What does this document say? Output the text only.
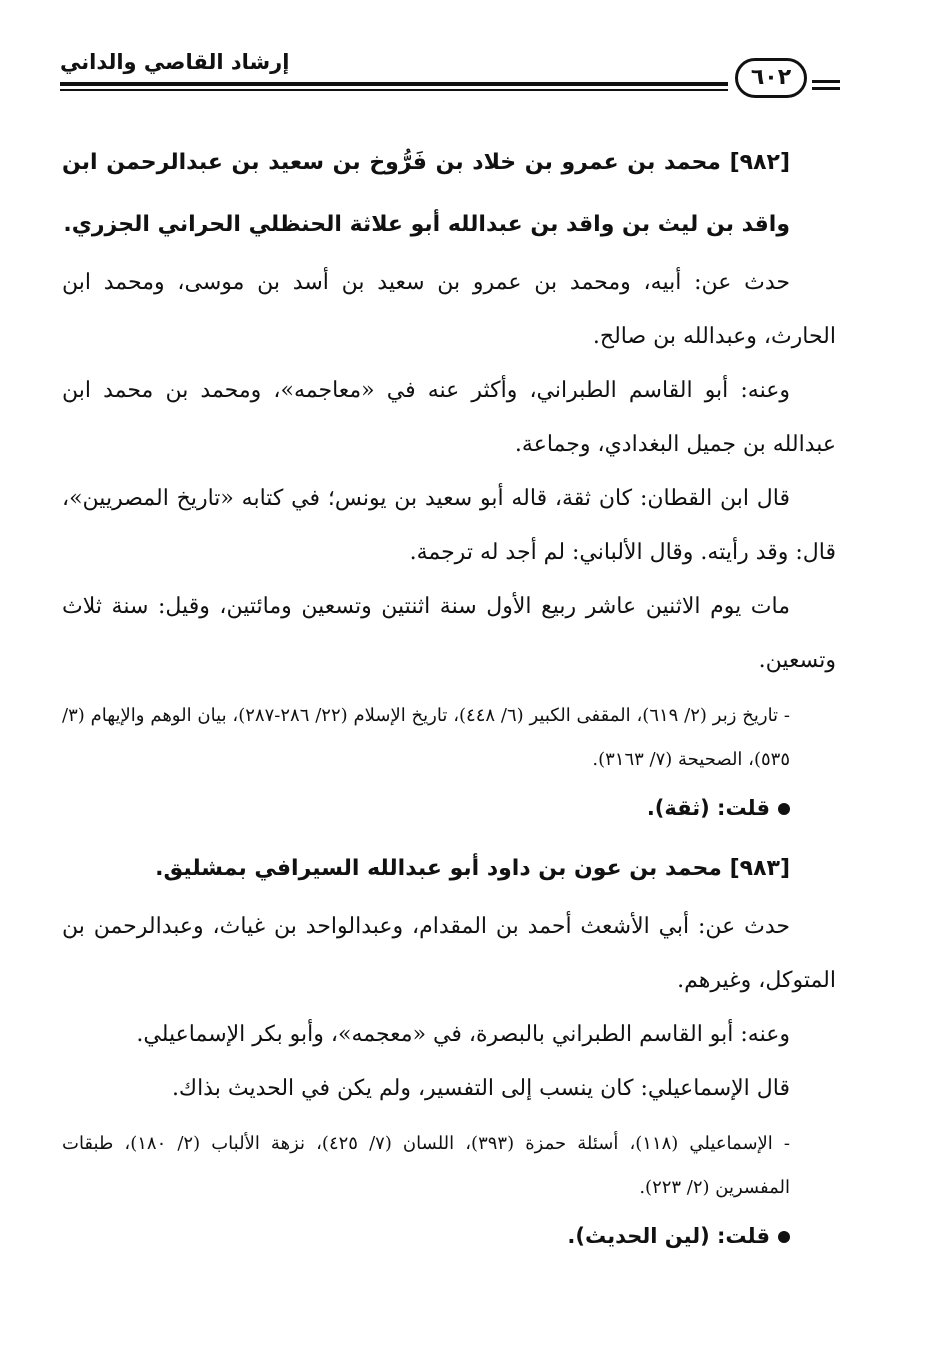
إرشاد القاصي والداني
٦٠٢

[٩٨٢] محمد بن عمرو بن خلاد بن فَرُّوخ بن سعيد بن عبدالرحمن ابن واقد بن ليث بن واقد بن عبدالله أبو علاثة الحنظلي الحراني الجزري.

حدث عن: أبيه، ومحمد بن عمرو بن سعيد بن أسد بن موسى، ومحمد ابن الحارث، وعبدالله بن صالح.

وعنه: أبو القاسم الطبراني، وأكثر عنه في «معاجمه»، ومحمد بن محمد ابن عبدالله بن جميل البغدادي، وجماعة.

قال ابن القطان: كان ثقة، قاله أبو سعيد بن يونس؛ في كتابه «تاريخ المصريين»، قال: وقد رأيته. وقال الألباني: لم أجد له ترجمة.

مات يوم الاثنين عاشر ربيع الأول سنة اثنتين وتسعين ومائتين، وقيل: سنة ثلاث وتسعين.

- تاريخ زبر (٢/ ٦١٩)، المقفى الكبير (٦/ ٤٤٨)، تاريخ الإسلام (٢٢/ ٢٨٦-٢٨٧)، بيان الوهم والإيهام (٣/ ٥٣٥)، الصحيحة (٧/ ٣١٦٣).

قلت: (ثقة).

[٩٨٣] محمد بن عون بن داود أبو عبدالله السيرافي بمشليق.

حدث عن: أبي الأشعث أحمد بن المقدام، وعبدالواحد بن غياث، وعبدالرحمن بن المتوكل، وغيرهم.

وعنه: أبو القاسم الطبراني بالبصرة، في «معجمه»، وأبو بكر الإسماعيلي.

قال الإسماعيلي: كان ينسب إلى التفسير، ولم يكن في الحديث بذاك.

- الإسماعيلي (١١٨)، أسئلة حمزة (٣٩٣)، اللسان (٧/ ٤٢٥)، نزهة الألباب (٢/ ١٨٠)، طبقات المفسرين (٢/ ٢٢٣).

قلت: (لين الحديث).
